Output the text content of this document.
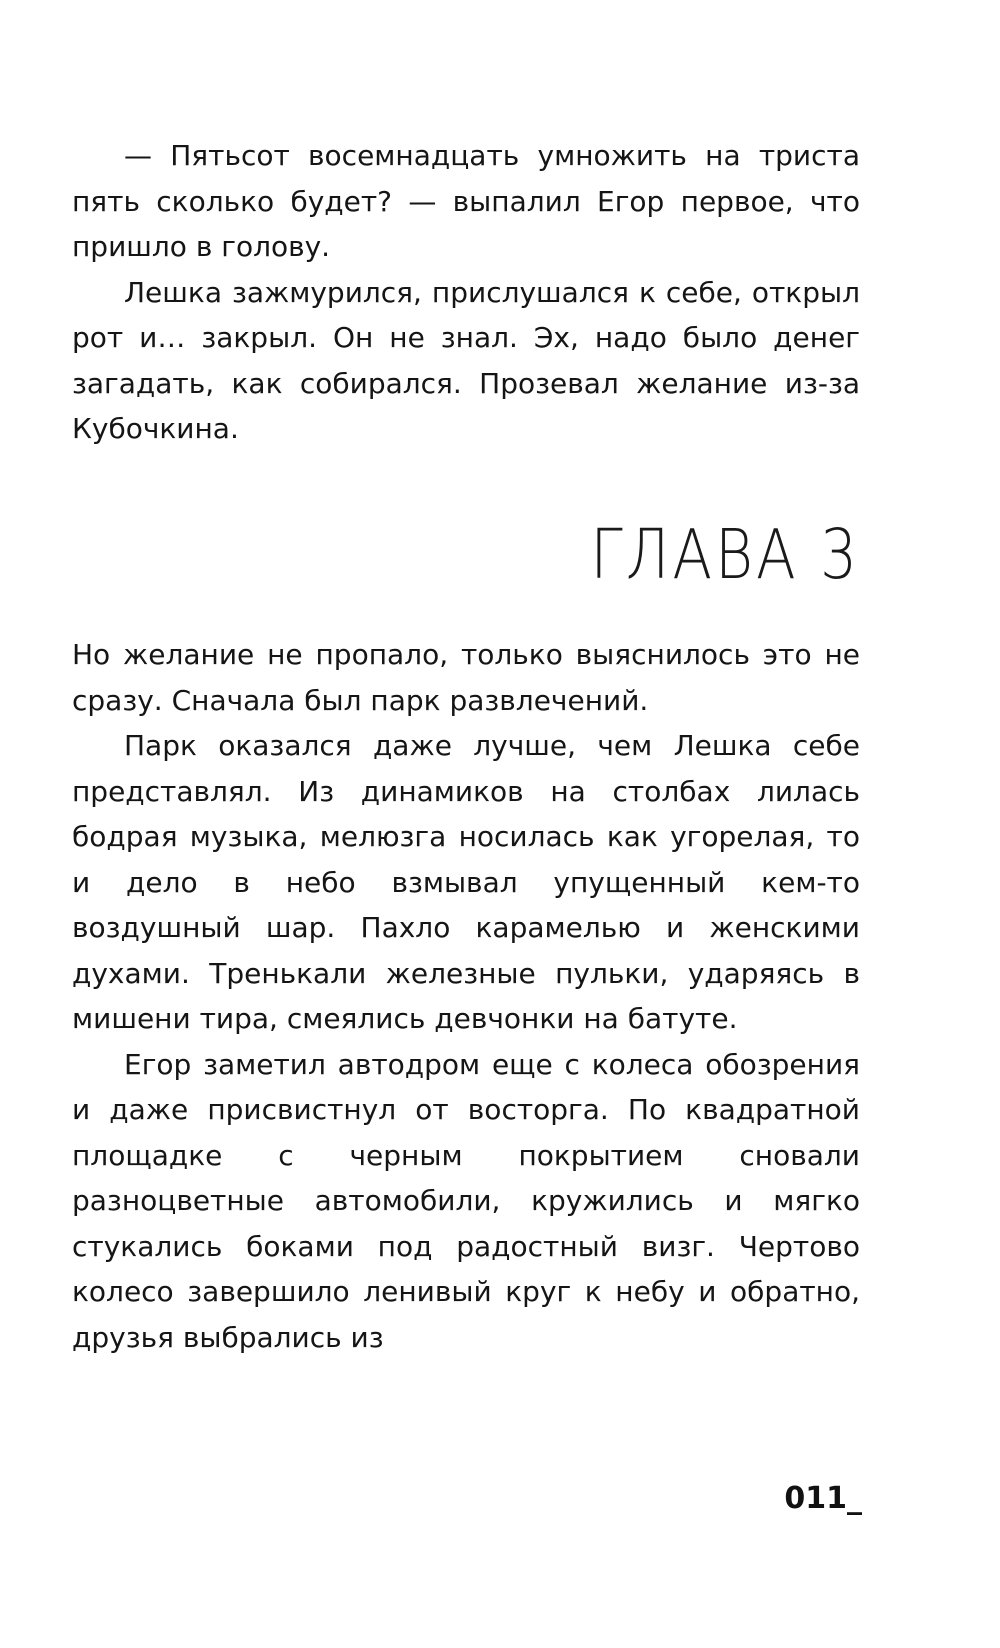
— Пятьсот восемнадцать умножить на триста пять сколько будет? — выпалил Егор первое, что пришло в голову.

Лешка зажмурился, прислушался к себе, открыл рот и… закрыл. Он не знал. Эх, надо было денег загадать, как собирался. Прозевал желание из-за Кубочкина.

ГЛАВА 3

Но желание не пропало, только выяснилось это не сразу. Сначала был парк развлечений.

Парк оказался даже лучше, чем Лешка себе представлял. Из динамиков на столбах лилась бодрая музыка, мелюзга носилась как угорелая, то и дело в небо взмывал упущенный кем-то воздушный шар. Пахло карамелью и женскими духами. Тренькали железные пульки, ударяясь в мишени тира, смеялись девчонки на батуте.

Егор заметил автодром еще с колеса обозрения и даже присвистнул от восторга. По квадратной площадке с черным покрытием сновали разноцветные автомобили, кружились и мягко стукались боками под радостный визг. Чертово колесо завершило ленивый круг к небу и обратно, друзья выбрались из

011_
